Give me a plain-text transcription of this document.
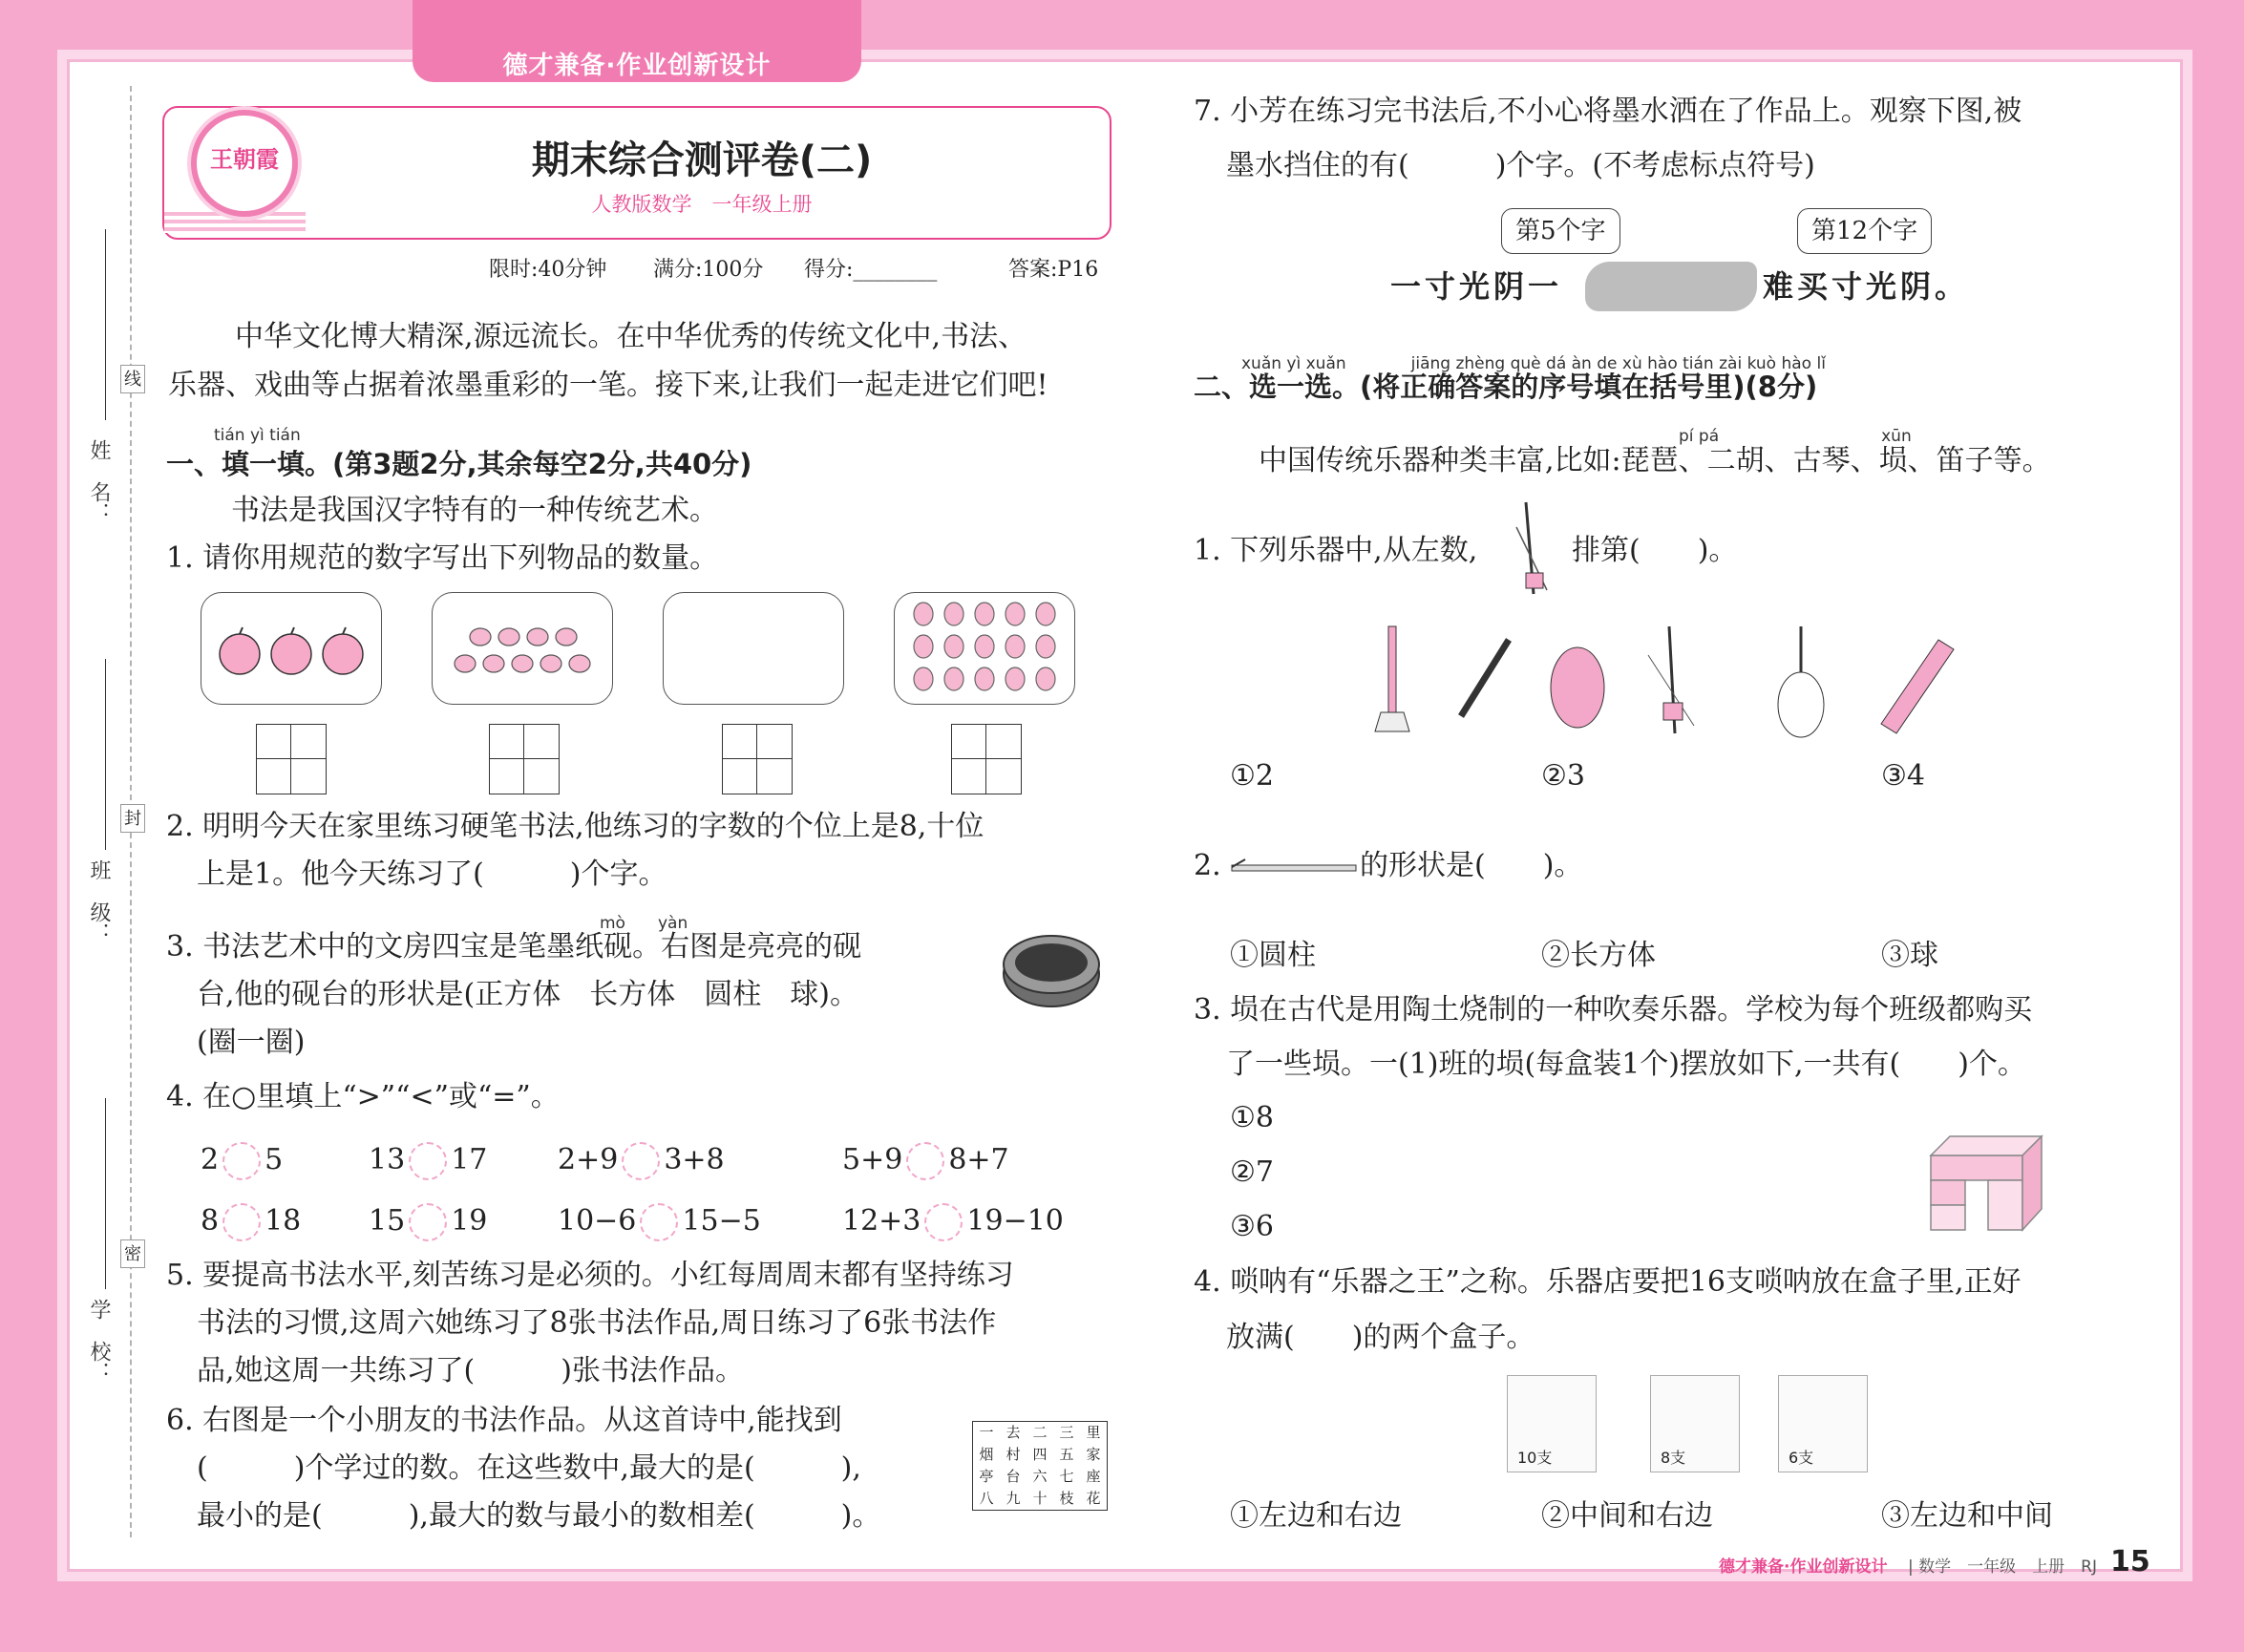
德才兼备·作业创新设计
线
封
密
姓　名：
班　级：
学　校：
王朝霞	期末综合测评卷(二)
人教版数学　一年级上册
限时:40分钟 满分:100分 得分:________	答案:P16
中华文化博大精深,源远流长。在中华优秀的传统文化中,书法、
乐器、戏曲等占据着浓墨重彩的一笔。接下来,让我们一起走进它们吧!
tián yì tián
一、填一填。(第3题2分,其余每空2分,共40分)
书法是我国汉字特有的一种传统艺术。
1. 请你用规范的数字写出下列物品的数量。
2. 明明今天在家里练习硬笔书法,他练习的字数的个位上是8,十位
上是1。他今天练习了(　　　)个字。
mò　　yàn
3. 书法艺术中的文房四宝是笔墨纸砚。右图是亮亮的砚
台,他的砚台的形状是(正方体　长方体　圆柱　球)。
(圈一圈)
4. 在○里填上“>”“<”或“=”。
2 5	13 17 2+9 3+8	5+9 8+7
8 18 15 19 10−6 15−5	12+3 19−10
5. 要提高书法水平,刻苦练习是必须的。小红每周周末都有坚持练习
书法的习惯,这周六她练习了8张书法作品,周日练习了6张书法作
品,她这周一共练习了(　　　)张书法作品。
6. 右图是一个小朋友的书法作品。从这首诗中,能找到
(　　　)个学过的数。在这些数中,最大的是(　　　),
最小的是(　　　),最大的数与最小的数相差(　　　)。
一 去 二 三 里
烟 村 四 五 家
亭 台 六 七 座
八 九 十 枝 花
7. 小芳在练习完书法后,不小心将墨水洒在了作品上。观察下图,被
墨水挡住的有(　　　)个字。(不考虑标点符号)
第5个字	第12个字
一寸光阴一	难买寸光阴。
xuǎn yì xuǎn　　　　jiāng zhèng què dá àn de xù hào tián zài kuò hào lǐ
二、选一选。(将正确答案的序号填在括号里)(8分)
pí pá　　　　　　　　　　xūn
中国传统乐器种类丰富,比如:琵琶、二胡、古琴、埙、笛子等。
1. 下列乐器中,从左数,	排第(　　)。
①2	②3	③4
2.	的形状是(　　)。
①圆柱	②长方体	③球
3. 埙在古代是用陶土烧制的一种吹奏乐器。学校为每个班级都购买
了一些埙。一(1)班的埙(每盒装1个)摆放如下,一共有(　　)个。
①8
②7
③6
4. 唢呐有“乐器之王”之称。乐器店要把16支唢呐放在盒子里,正好
放满(　　)的两个盒子。
10支	8支	6支
①左边和右边	②中间和右边	③左边和中间
德才兼备·作业创新设计 | 数学　一年级　上册　RJ 15
